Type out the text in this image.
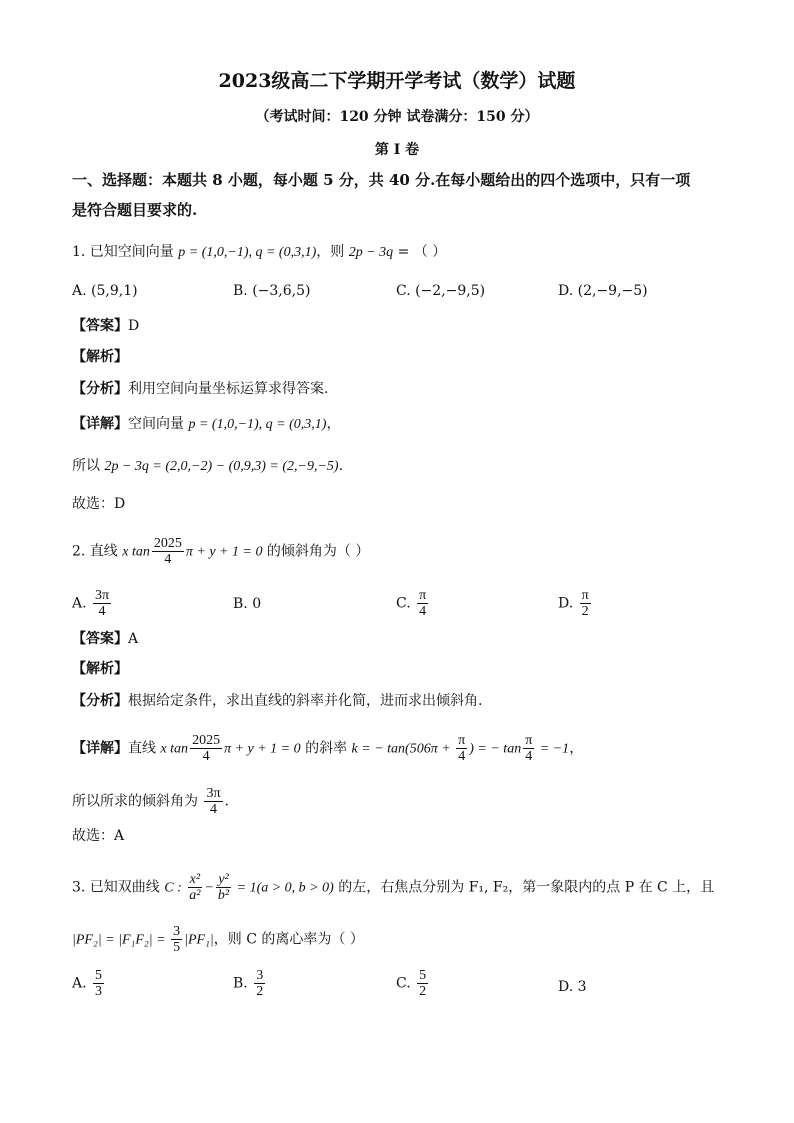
2023级高二下学期开学考试（数学）试题
（考试时间：120 分钟 试卷满分：150 分）
第 I 卷
一、选择题：本题共 8 小题，每小题 5 分，共 40 分.在每小题给出的四个选项中，只有一项
是符合题目要求的.
1. 已知空间向量 p = (1,0,−1), q = (0,3,1)，则 2p − 3q = （ ）
A. (5,9,1)	B. (−3,6,5)	C. (−2,−9,5)	D. (2,−9,−5)
【答案】D
【解析】
【分析】利用空间向量坐标运算求得答案.
【详解】空间向量 p = (1,0,−1), q = (0,3,1)，
所以 2p − 3q = (2,0,−2) − (0,9,3) = (2,−9,−5).
故选：D
2. 直线 x $\tan \frac{2025}{4}$ π + y + 1 = 0 的倾斜角为（ ）
A. $\frac{3\pi}{4}$	B. 0	C. $\frac{\pi}{4}$	D. $\frac{\pi}{2}$
【答案】A
【解析】
【分析】根据给定条件，求出直线的斜率并化简，进而求出倾斜角.
【详解】直线 x $\tan \frac{2025}{4}$ π + y + 1 = 0 的斜率 k = − $\tan(506\pi + \frac{\pi}{4}$ ) = − $\tan \frac{\pi}{4} = -1$，
所以所求的倾斜角为 $\frac{3\pi}{4}$ .
故选：A
3. 已知双曲线 C : $\frac{\text{x²}}{\text{a²}} - \frac{\text{y²}}{\text{b²}} = 1(a > 0$, b > 0) 的左，右焦点分别为 F₁, F₂，第一象限内的点 P 在 C 上，且
$|PF_2| = |F_1F_2| = \frac{3}{5} |PF_1|$，则 C 的离心率为（ ）
A. $\frac{5}{3}$	B. $\frac{3}{2}$	C. $\frac{5}{2}$	D. 3
